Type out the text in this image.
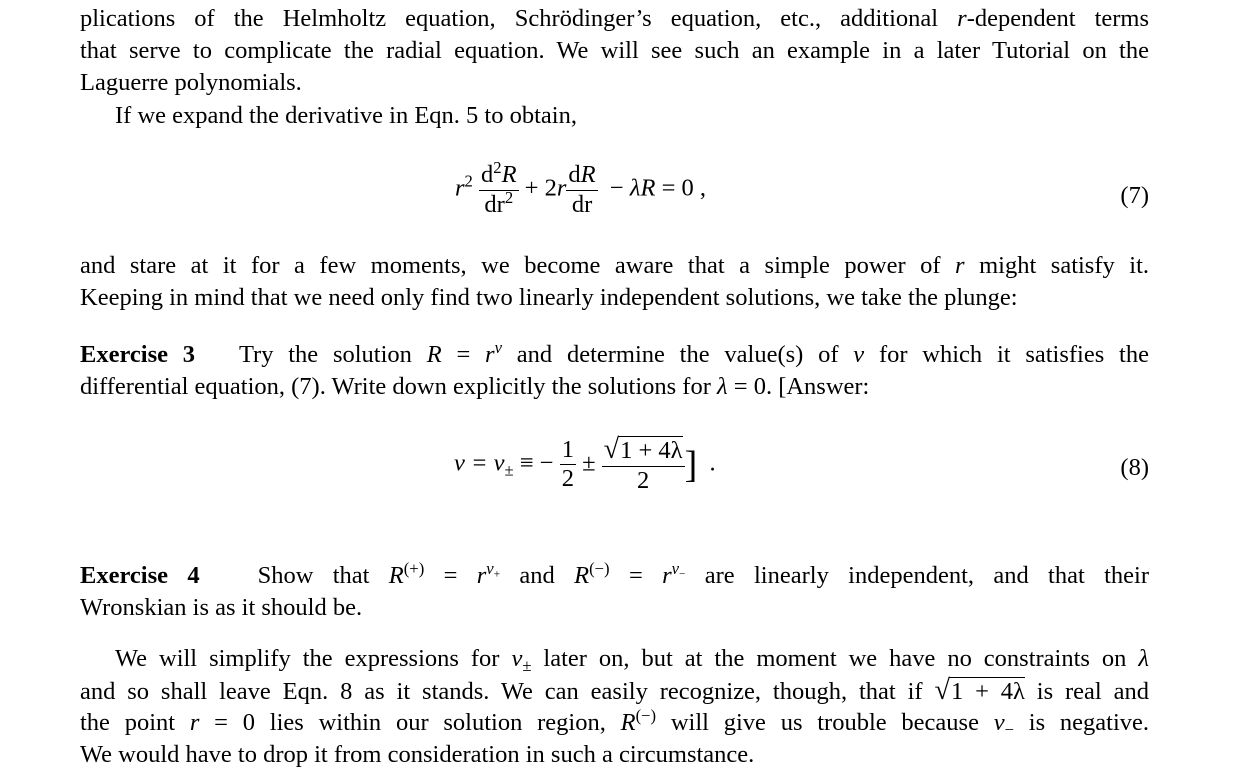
plications of the Helmholtz equation, Schrödinger’s equation, etc., additional r-dependent terms
that serve to complicate the radial equation. We will see such an example in a later Tutorial on the
Laguerre polynomials.
If we expand the derivative in Eqn. 5 to obtain,
$r^2 \frac{d^2R}{dr^2} + 2r \frac{dR}{dr} - \lambda R = 0$ ,	(7)
and stare at it for a few moments, we become aware that a simple power of r might satisfy it.
Keeping in mind that we need only find two linearly independent solutions, we take the plunge:
Exercise 3 Try the solution $R = r^\nu$ and determine the value(s) of ν for which it satisfies the
differential equation, (7). Write down explicitly the solutions for λ = 0. [Answer:
$\nu = \nu_\pm$ ≡ − $\frac{1}{2} \pm \frac{√1 + 4\lambda}{2}$ ] .	(8)
Exercise 4 Show that $R^{(+)} = r^{\nu_+}$ and $R^{(-)} = r^{\nu_-}$ are linearly independent, and that their
Wronskian is as it should be.
We will simplify the expressions for $\nu_\pm$ later on, but at the moment we have no constraints on λ
and so shall leave Eqn. 8 as it stands. We can easily recognize, though, that if √1 + 4λ is real and
the point r = 0 lies within our solution region, R(−) will give us trouble because $\nu_-$ is negative.
We would have to drop it from consideration in such a circumstance.
